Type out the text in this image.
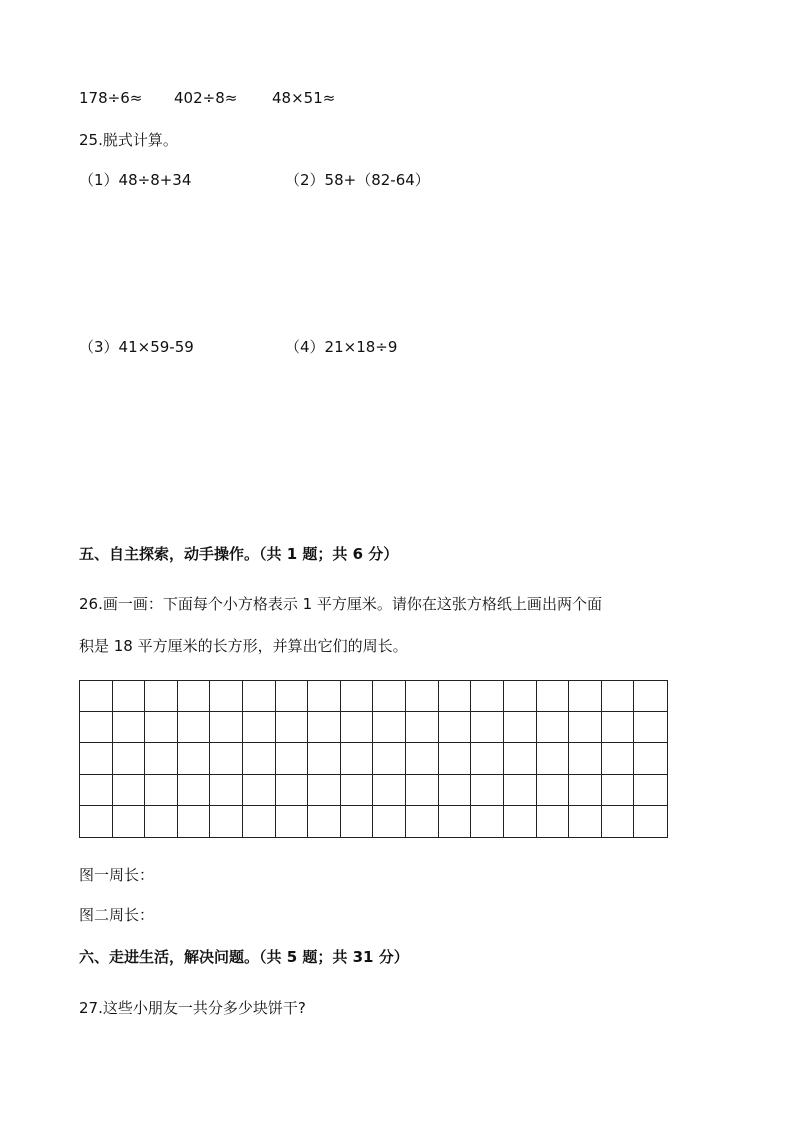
178÷6≈ 402÷8≈ 48×51≈
25.脱式计算。
（1）48÷8+34	（2）58+（82-64）
（3）41×59-59	（4）21×18÷9
五、自主探索，动手操作。（共 1 题；共 6 分）
26.画一画：下面每个小方格表示 1 平方厘米。请你在这张方格纸上画出两个面
积是 18 平方厘米的长方形，并算出它们的周长。
图一周长：
图二周长：
六、走进生活，解决问题。（共 5 题；共 31 分）
27.这些小朋友一共分多少块饼干?
